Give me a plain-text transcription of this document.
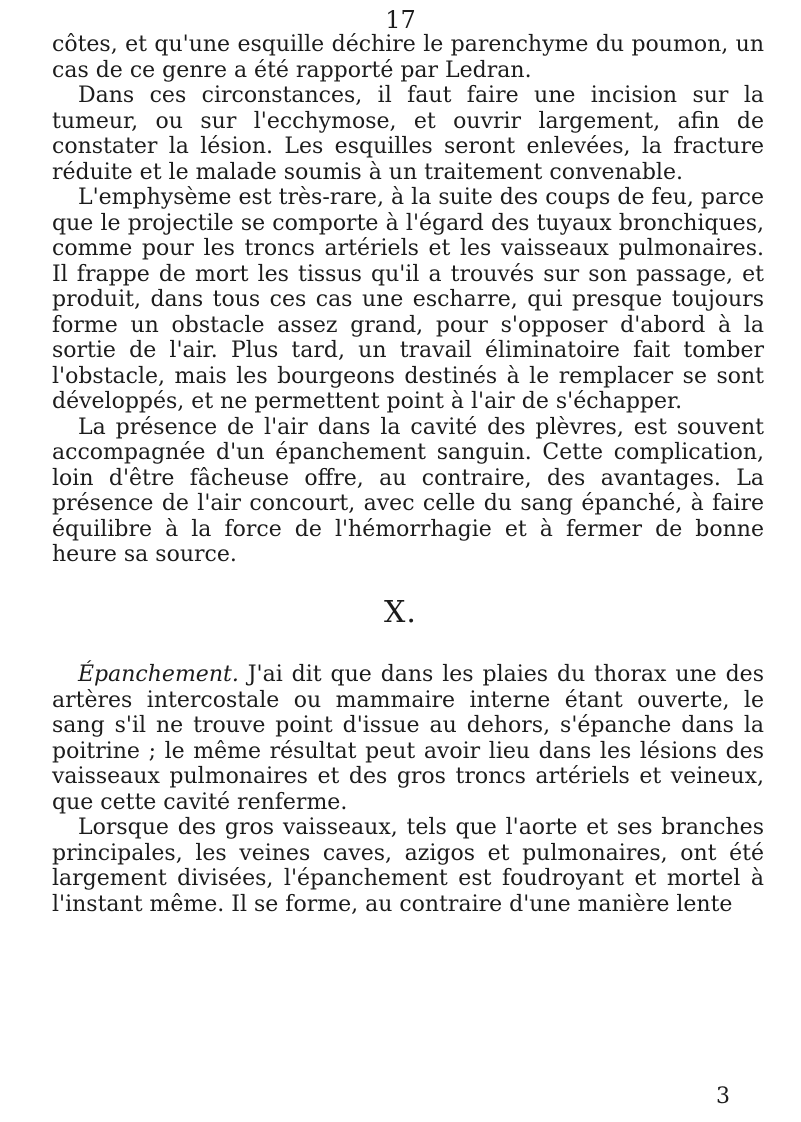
17

côtes, et qu'une esquille déchire le parenchyme du poumon, un cas de ce genre a été rapporté par Ledran.

Dans ces circonstances, il faut faire une incision sur la tumeur, ou sur l'ecchymose, et ouvrir largement, afin de constater la lésion. Les esquilles seront enlevées, la fracture réduite et le malade soumis à un traitement convenable.

L'emphysème est très-rare, à la suite des coups de feu, parce que le projectile se comporte à l'égard des tuyaux bronchiques, comme pour les troncs artériels et les vaisseaux pulmonaires. Il frappe de mort les tissus qu'il a trouvés sur son passage, et produit, dans tous ces cas une escharre, qui presque toujours forme un obstacle assez grand, pour s'opposer d'abord à la sortie de l'air. Plus tard, un travail éliminatoire fait tomber l'obstacle, mais les bourgeons destinés à le remplacer se sont développés, et ne permettent point à l'air de s'échapper.

La présence de l'air dans la cavité des plèvres, est souvent accompagnée d'un épanchement sanguin. Cette complication, loin d'être fâcheuse offre, au contraire, des avantages. La présence de l'air concourt, avec celle du sang épanché, à faire équilibre à la force de l'hémorrhagie et à fermer de bonne heure sa source.

X.

Épanchement. J'ai dit que dans les plaies du thorax une des artères intercostale ou mammaire interne étant ouverte, le sang s'il ne trouve point d'issue au dehors, s'épanche dans la poitrine ; le même résultat peut avoir lieu dans les lésions des vaisseaux pulmonaires et des gros troncs artériels et veineux, que cette cavité renferme.

Lorsque des gros vaisseaux, tels que l'aorte et ses branches principales, les veines caves, azigos et pulmonaires, ont été largement divisées, l'épanchement est foudroyant et mortel à l'instant même. Il se forme, au contraire d'une manière lente

3
